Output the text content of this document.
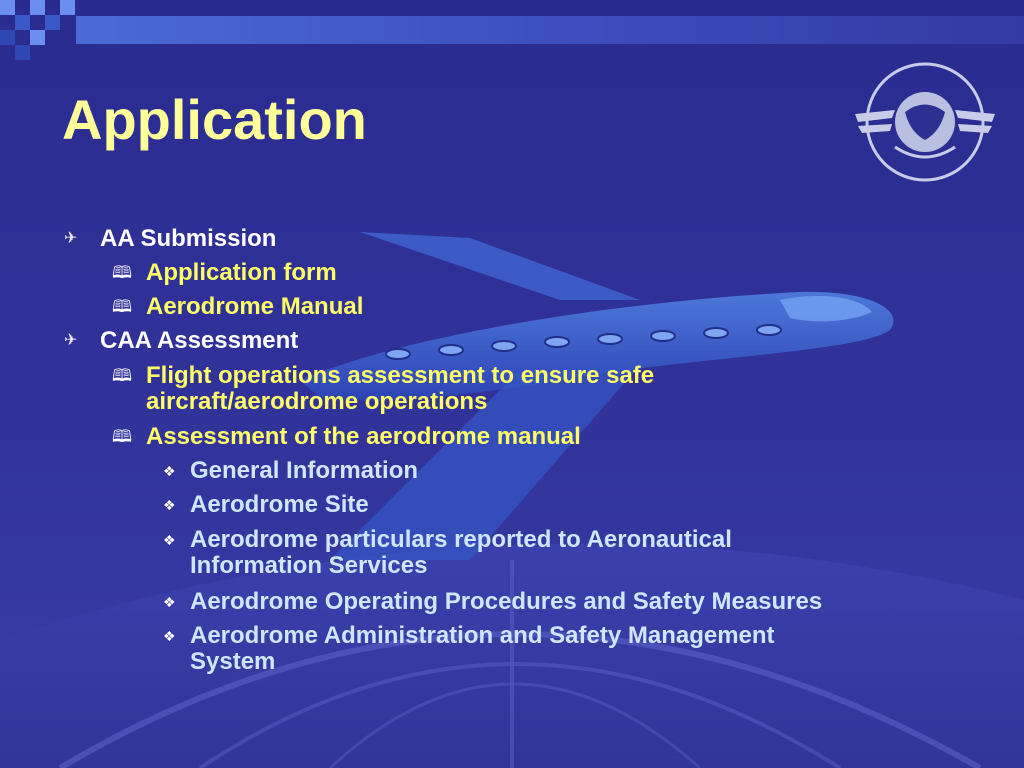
Application
✈ AA Submission
🕮 Application form
🕮 Aerodrome Manual
✈ CAA Assessment
🕮 Flight operations assessment to ensure safe
aircraft/aerodrome operations
🕮 Assessment of the aerodrome manual
❖ General Information
❖ Aerodrome Site
❖ Aerodrome particulars reported to Aeronautical
Information Services
❖ Aerodrome Operating Procedures and Safety Measures
❖ Aerodrome Administration and Safety Management
System
